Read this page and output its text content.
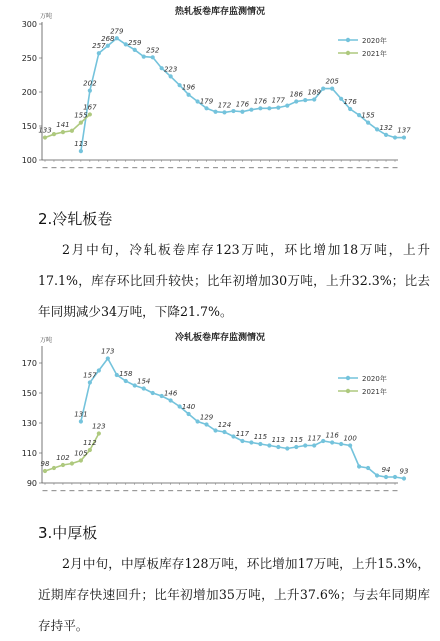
热轧板卷库存监测情况
万吨
100
150
200
250
300
113
202
257
268
279
259
252
223
196
179
172 176 176 177
186 189
205
176
155
132 137
2020年
133
141
155
167
2021年
2.冷轧板卷
2月中旬，冷轧板卷库存123万吨，环比增加18万吨，上升17.1%，库存环比回升较快；比年初增加30万吨，上升32.3%；比去年同期减少34万吨，下降21.7%。
冷轧板卷库存监测情况
万吨
90
110
130
150
170
131
157
173
158
154
146
140
129
124
117 115 113 115 117 116 100
94 93
2020年
98
102
105
112
123
2021年
3.中厚板
2月中旬，中厚板库存128万吨，环比增加17万吨，上升15.3%，近期库存快速回升；比年初增加35万吨，上升37.6%；与去年同期库存持平。
